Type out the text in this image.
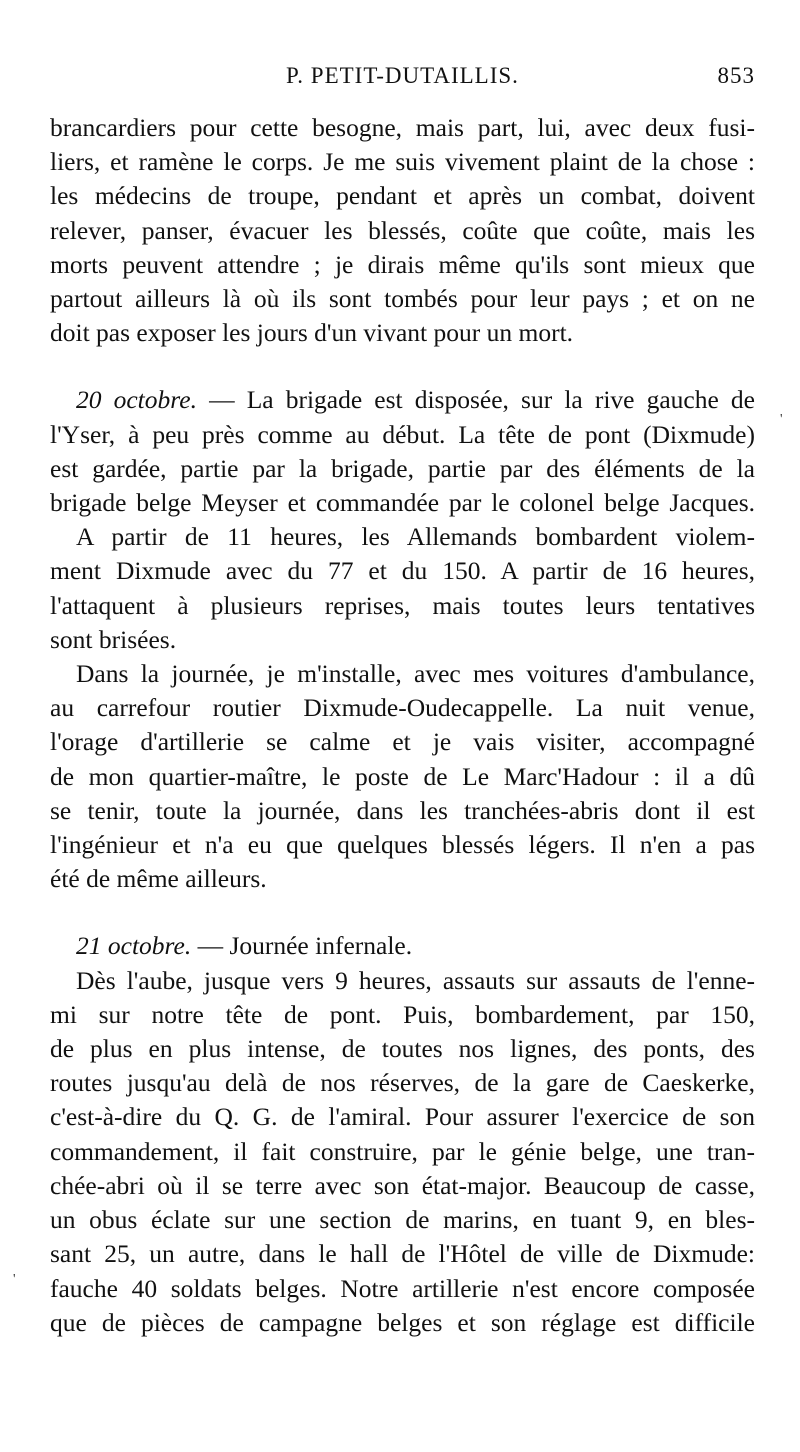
P. PETIT-DUTAILLIS.	853

brancardiers pour cette besogne, mais part, lui, avec deux fusi-
liers, et ramène le corps. Je me suis vivement plaint de la chose :
les médecins de troupe, pendant et après un combat, doivent
relever, panser, évacuer les blessés, coûte que coûte, mais les
morts peuvent attendre ; je dirais même qu'ils sont mieux que
partout ailleurs là où ils sont tombés pour leur pays ; et on ne
doit pas exposer les jours d'un vivant pour un mort.

20 octobre. — La brigade est disposée, sur la rive gauche de
l'Yser, à peu près comme au début. La tête de pont (Dixmude)
est gardée, partie par la brigade, partie par des éléments de la
brigade belge Meyser et commandée par le colonel belge Jacques.

A partir de 11 heures, les Allemands bombardent violem-
ment Dixmude avec du 77 et du 150. A partir de 16 heures,
l'attaquent à plusieurs reprises, mais toutes leurs tentatives
sont brisées.

Dans la journée, je m'installe, avec mes voitures d'ambulance,
au carrefour routier Dixmude-Oudecappelle. La nuit venue,
l'orage d'artillerie se calme et je vais visiter, accompagné
de mon quartier-maître, le poste de Le Marc'Hadour : il a dû
se tenir, toute la journée, dans les tranchées-abris dont il est
l'ingénieur et n'a eu que quelques blessés légers. Il n'en a pas
été de même ailleurs.

21 octobre. — Journée infernale.

Dès l'aube, jusque vers 9 heures, assauts sur assauts de l'enne-
mi sur notre tête de pont. Puis, bombardement, par 150,
de plus en plus intense, de toutes nos lignes, des ponts, des
routes jusqu'au delà de nos réserves, de la gare de Caeskerke,
c'est-à-dire du Q. G. de l'amiral. Pour assurer l'exercice de son
commandement, il fait construire, par le génie belge, une tran-
chée-abri où il se terre avec son état-major. Beaucoup de casse,
un obus éclate sur une section de marins, en tuant 9, en bles-
sant 25, un autre, dans le hall de l'Hôtel de ville de Dixmude:
fauche 40 soldats belges. Notre artillerie n'est encore composée
que de pièces de campagne belges et son réglage est difficile

'
'
